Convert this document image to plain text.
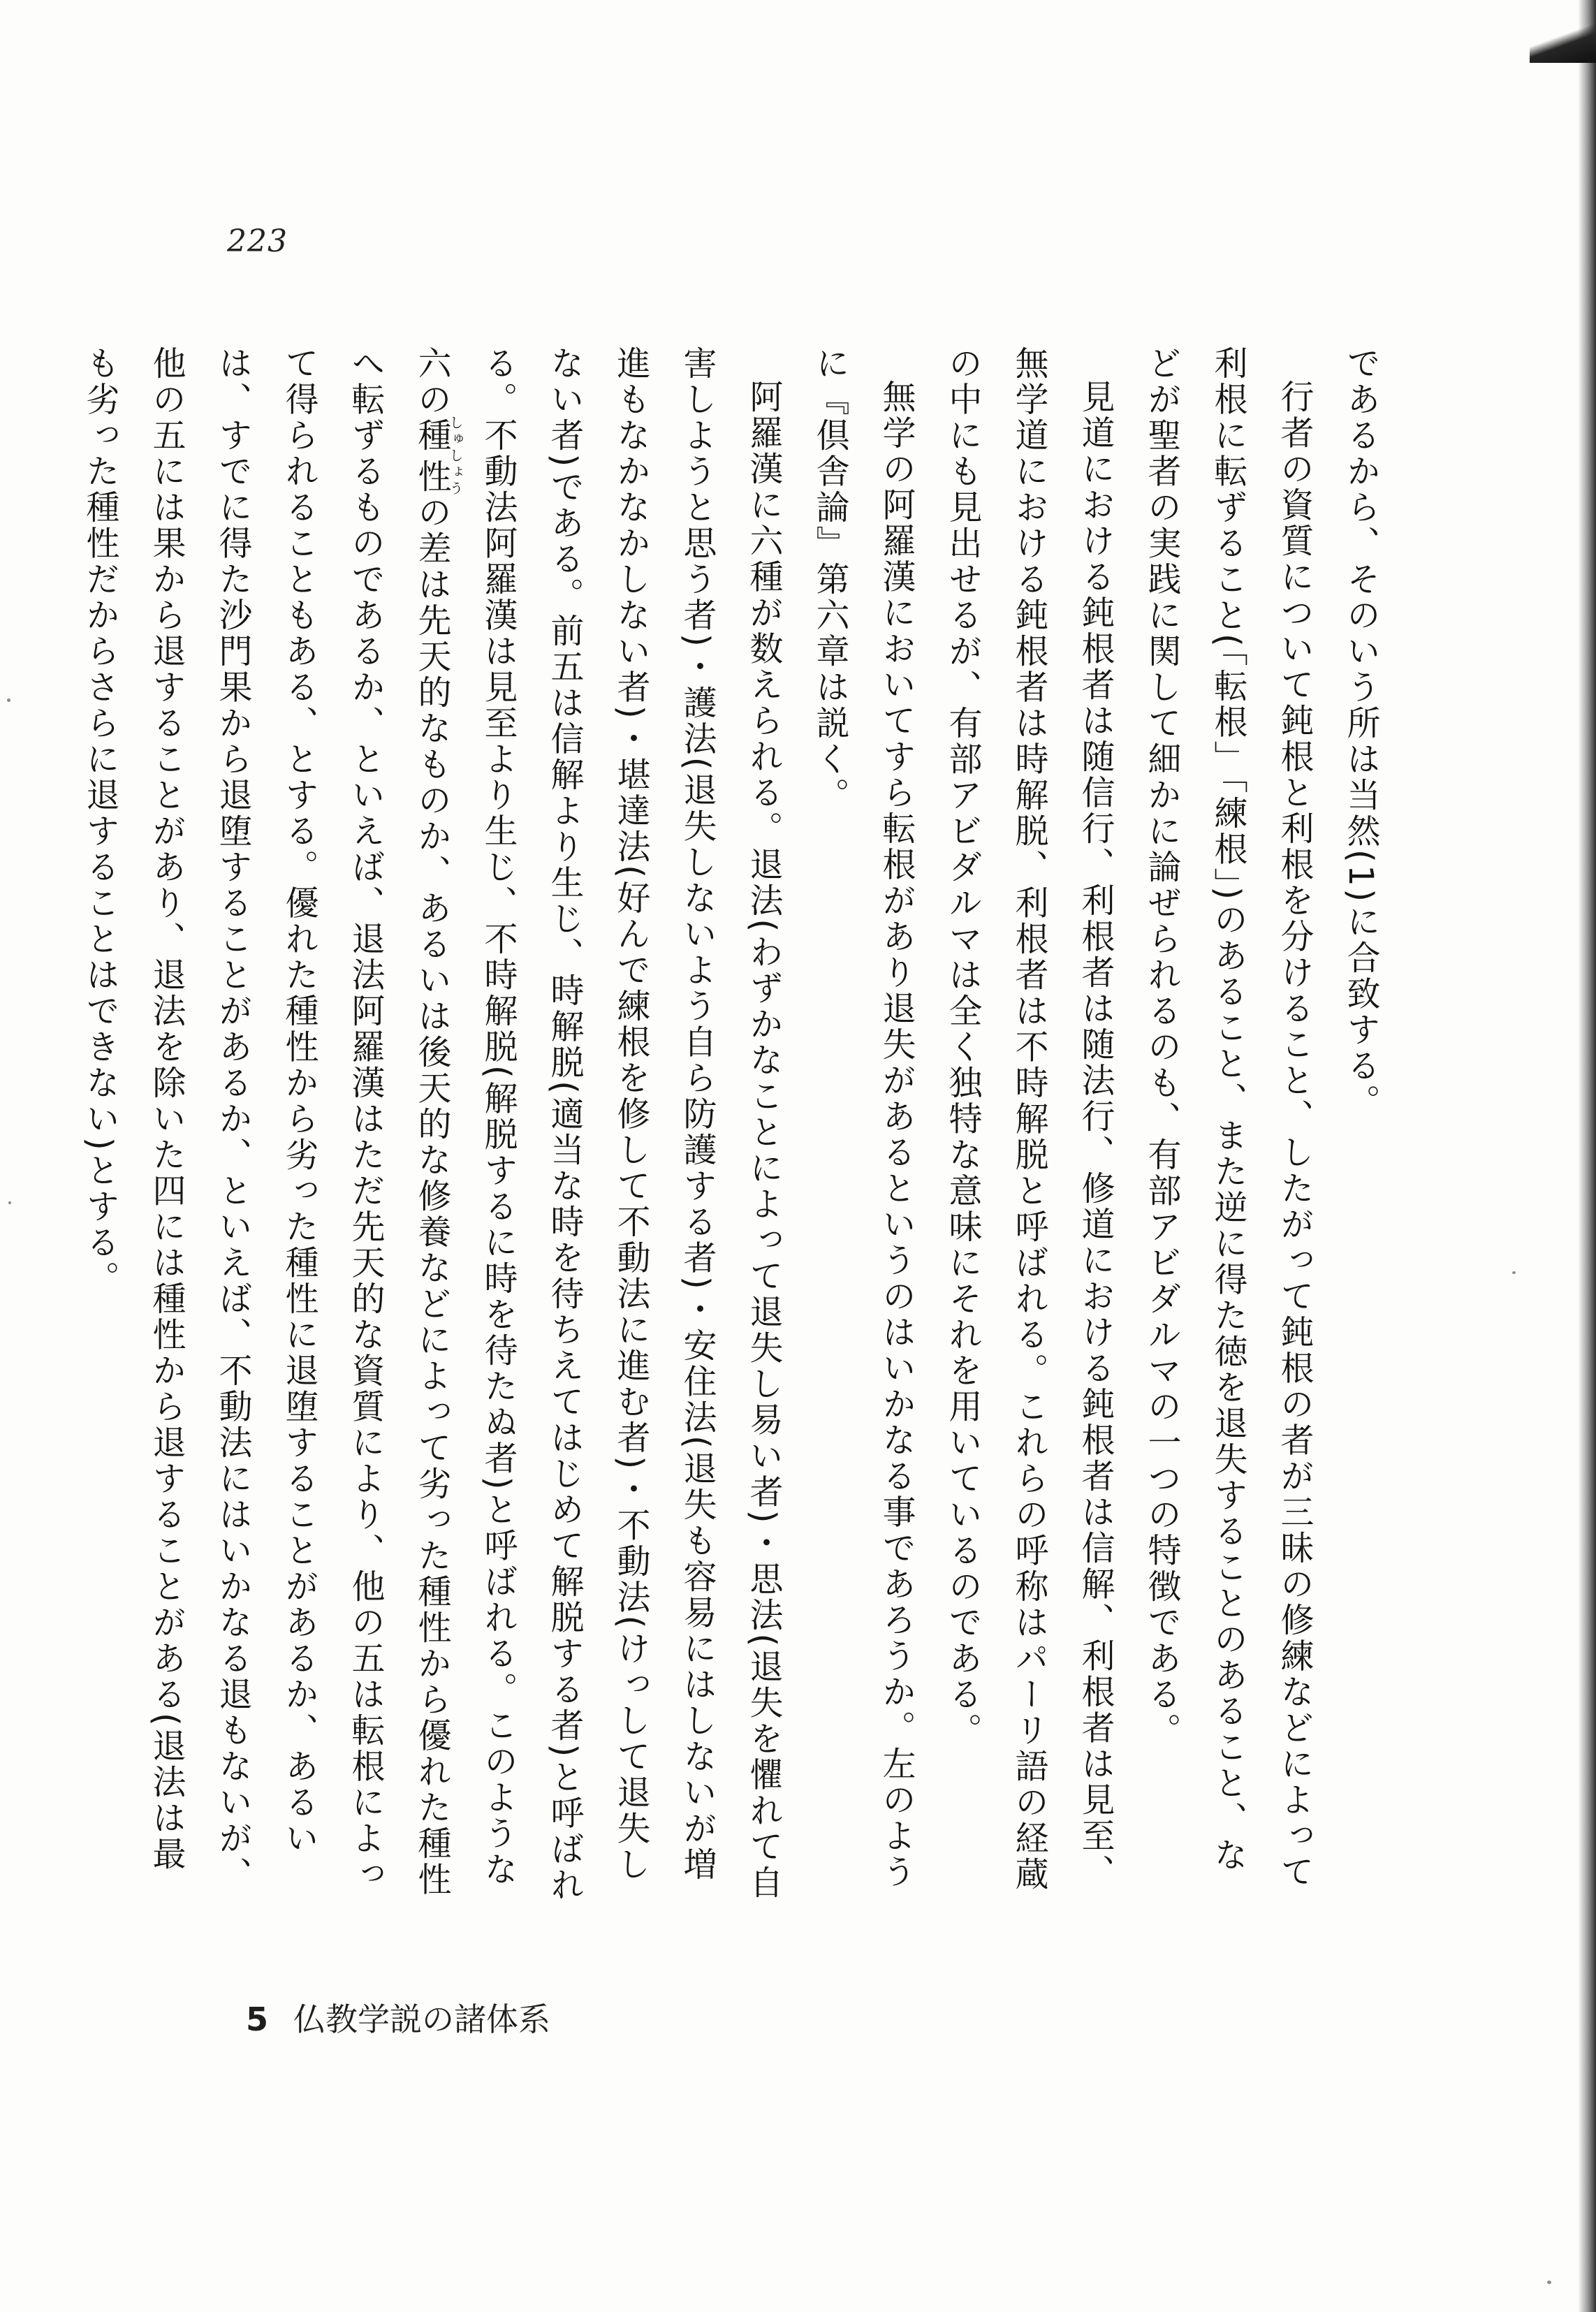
223

であるから、そのいう所は当然(1)に合致する。

行者の資質について鈍根と利根を分けること、したがって鈍根の者が三昧の修練などによって利根に転ずること(「転根」「練根」)のあること、また逆に得た徳を退失することのあること、などが聖者の実践に関して細かに論ぜられるのも、有部アビダルマの一つの特徴である。

見道における鈍根者は随信行、利根者は随法行、修道における鈍根者は信解、利根者は見至、無学道における鈍根者は時解脱、利根者は不時解脱と呼ばれる。これらの呼称はパーリ語の経蔵の中にも見出せるが、有部アビダルマは全く独特な意味にそれを用いているのである。

無学の阿羅漢においてすら転根があり退失があるというのはいかなる事であろうか。左のように『倶舎論』第六章は説く。

阿羅漢に六種が数えられる。退法(わずかなことによって退失し易い者)・思法(退失を懼れて自害しようと思う者)・護法(退失しないよう自ら防護する者)・安住法(退失も容易にはしないが増進もなかなかしない者)・堪達法(好んで練根を修して不動法に進む者)・不動法(けっして退失しない者)である。前五は信解より生じ、時解脱(適当な時を待ちえてはじめて解脱する者)と呼ばれる。不動法阿羅漢は見至より生じ、不時解脱(解脱するに時を待たぬ者)と呼ばれる。このような六の種性しゅしょうの差は先天的なものか、あるいは後天的な修養などによって劣った種性から優れた種性へ転ずるものであるか、といえば、退法阿羅漢はただ先天的な資質により、他の五は転根によって得られることもある、とする。優れた種性から劣った種性に退堕することがあるか、あるいは、すでに得た沙門果から退堕することがあるか、といえば、不動法にはいかなる退もないが、他の五には果から退することがあり、退法を除いた四には種性から退することがある(退法は最も劣った種性だからさらに退することはできない)とする。

5 仏教学説の諸体系
